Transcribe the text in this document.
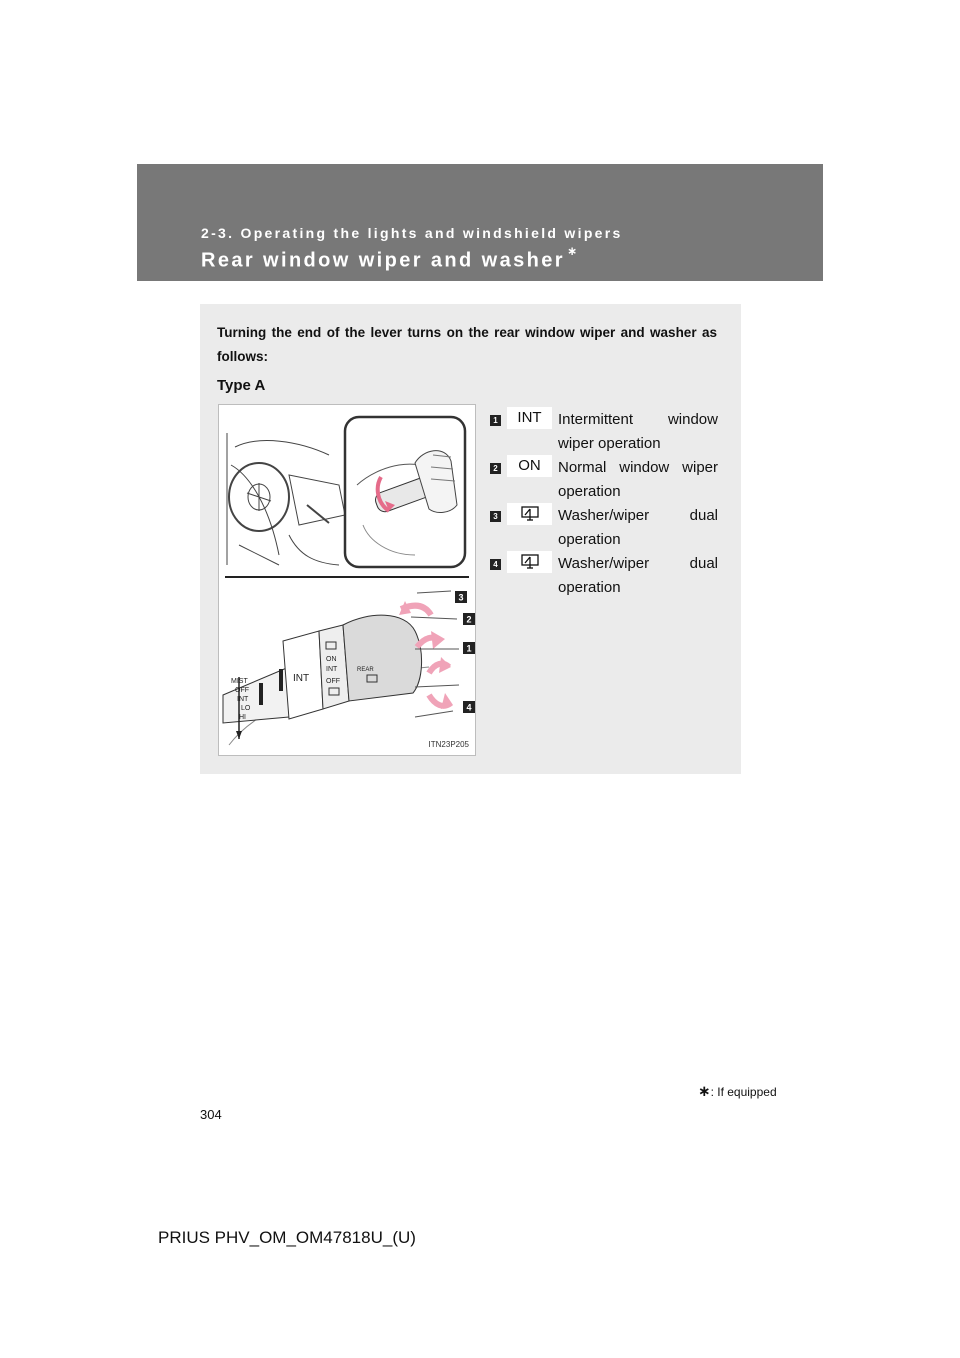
2-3. Operating the lights and windshield wipers
Rear window wiper and washer ∗
Turning the end of the lever turns on the rear window wiper and washer as follows:
Type A
3
2
1
4
MIST
OFF
INT
LO
HI
ON
INT
OFF
REAR
INT
ITN23P205
1	INT	Intermittent window wiper operation
2	ON	Normal window wiper operation
3	Washer/wiper dual operation
4	Washer/wiper dual operation
∗: If equipped
304
PRIUS PHV_OM_OM47818U_(U)
